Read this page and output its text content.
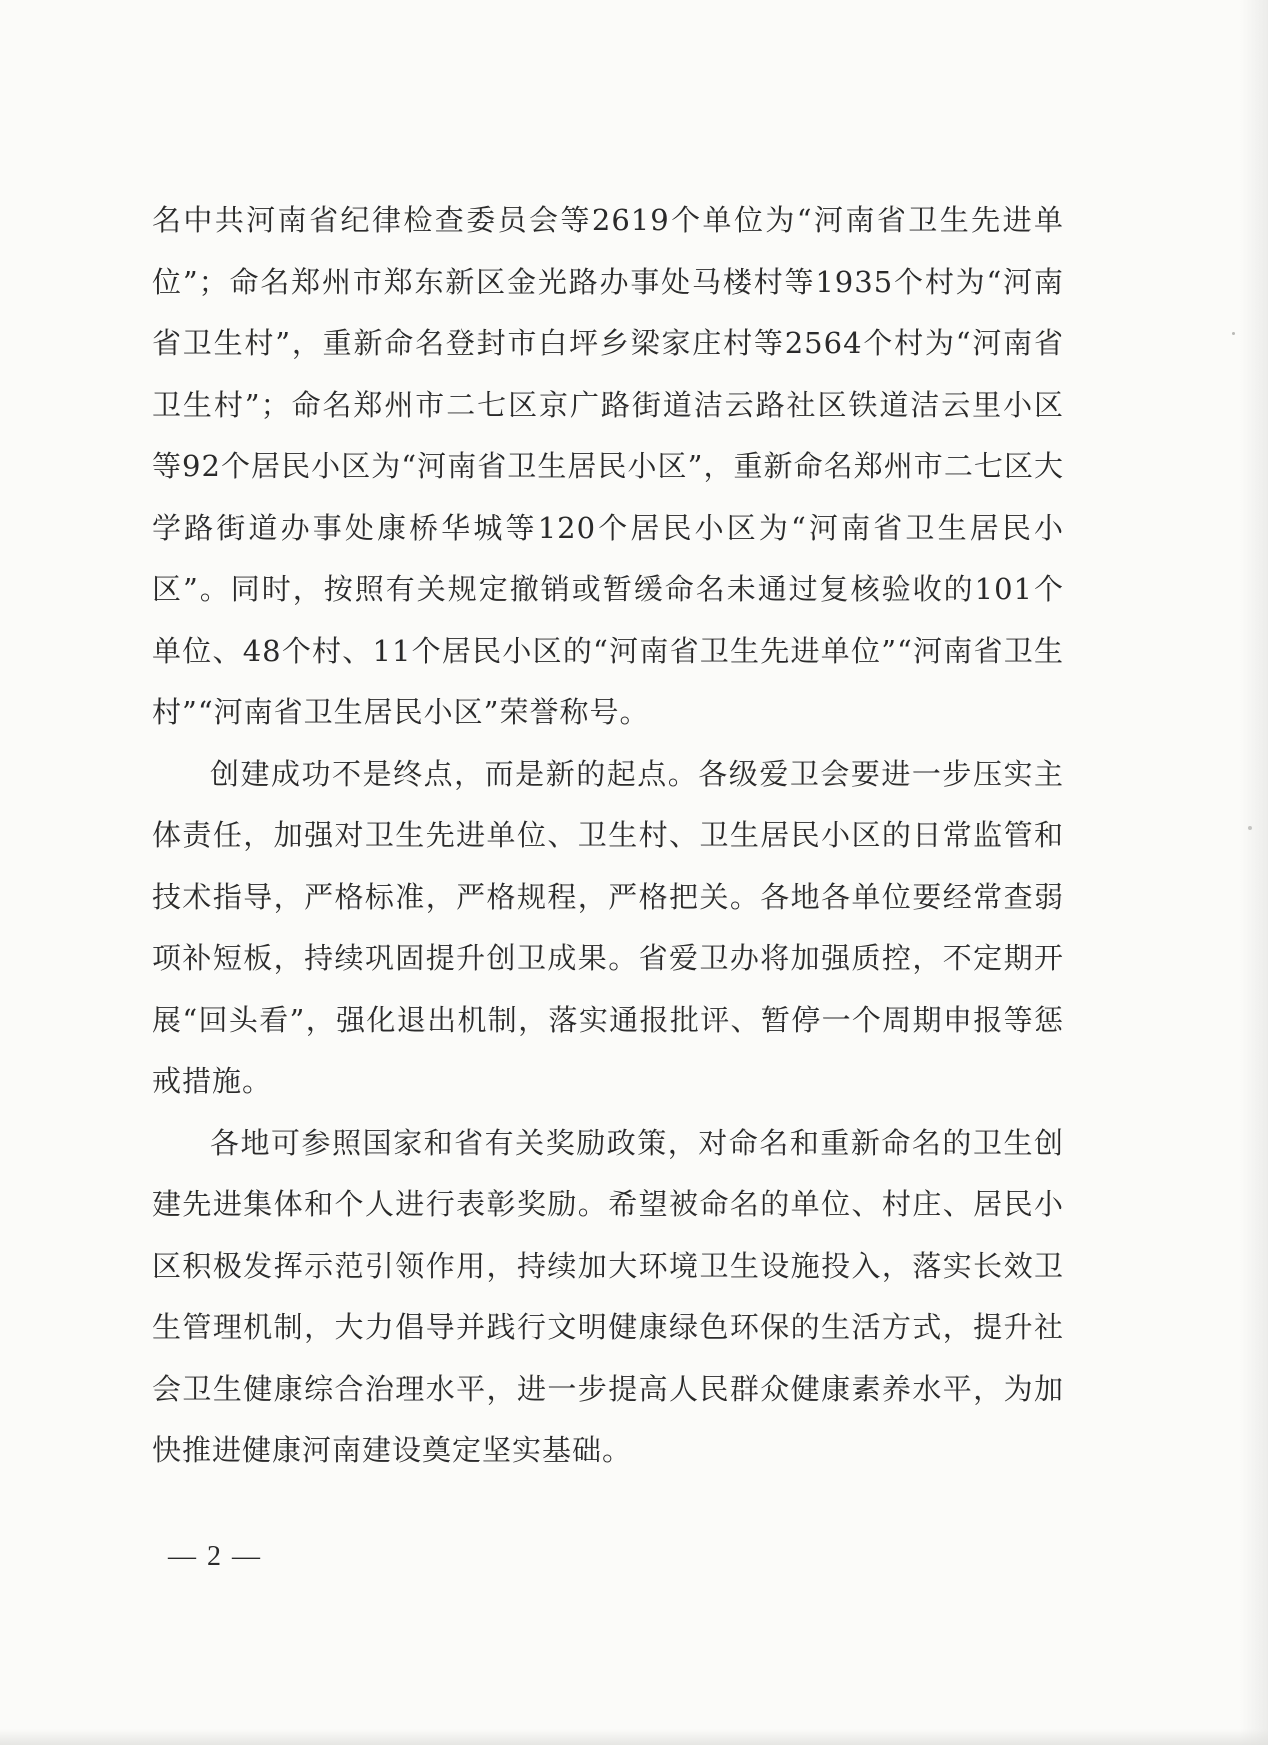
名中共河南省纪律检查委员会等2619个单位为“河南省卫生先进单位”；命名郑州市郑东新区金光路办事处马楼村等1935个村为“河南省卫生村”，重新命名登封市白坪乡梁家庄村等2564个村为“河南省卫生村”；命名郑州市二七区京广路街道洁云路社区铁道洁云里小区等92个居民小区为“河南省卫生居民小区”，重新命名郑州市二七区大学路街道办事处康桥华城等120个居民小区为“河南省卫生居民小区”。同时，按照有关规定撤销或暂缓命名未通过复核验收的101个单位、48个村、11个居民小区的“河南省卫生先进单位”“河南省卫生村”“河南省卫生居民小区”荣誉称号。

创建成功不是终点，而是新的起点。各级爱卫会要进一步压实主体责任，加强对卫生先进单位、卫生村、卫生居民小区的日常监管和技术指导，严格标准，严格规程，严格把关。各地各单位要经常查弱项补短板，持续巩固提升创卫成果。省爱卫办将加强质控，不定期开展“回头看”，强化退出机制，落实通报批评、暂停一个周期申报等惩戒措施。

各地可参照国家和省有关奖励政策，对命名和重新命名的卫生创建先进集体和个人进行表彰奖励。希望被命名的单位、村庄、居民小区积极发挥示范引领作用，持续加大环境卫生设施投入，落实长效卫生管理机制，大力倡导并践行文明健康绿色环保的生活方式，提升社会卫生健康综合治理水平，进一步提高人民群众健康素养水平，为加快推进健康河南建设奠定坚实基础。

— 2 —
